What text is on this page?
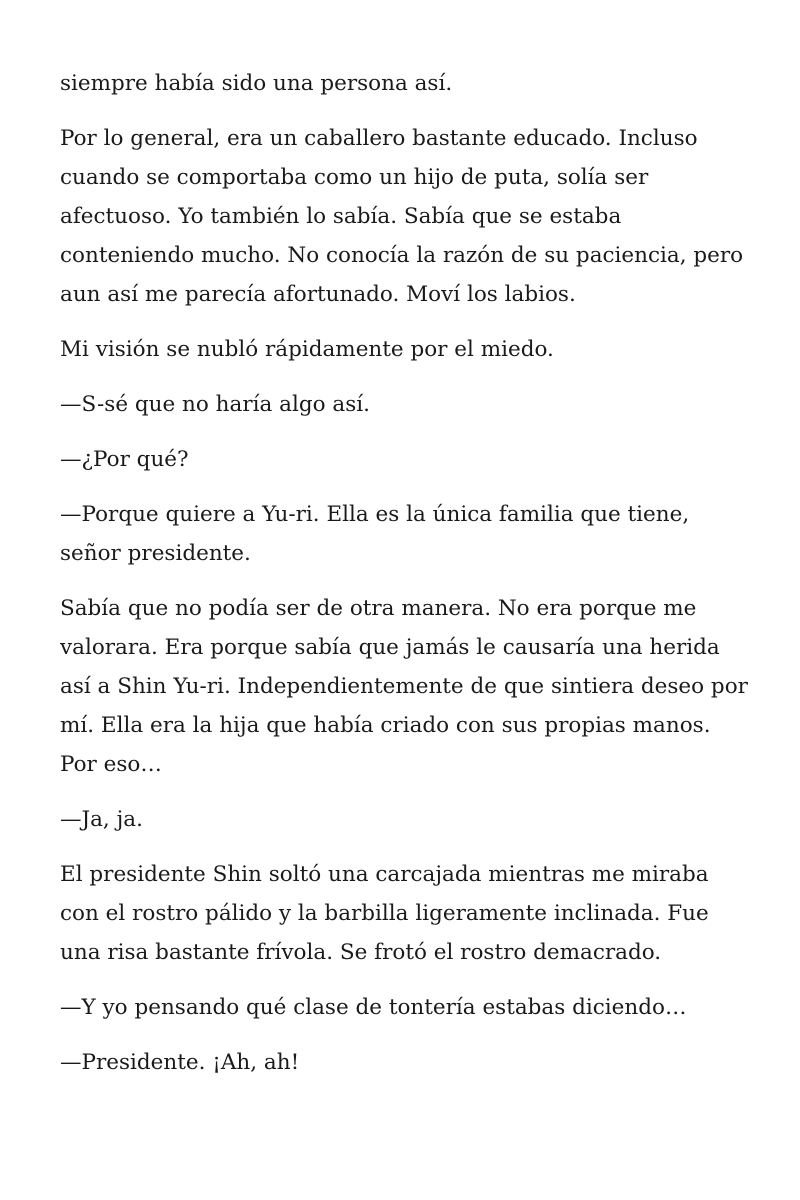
siempre había sido una persona así.

Por lo general, era un caballero bastante educado. Incluso cuando se comportaba como un hijo de puta, solía ser afectuoso. Yo también lo sabía. Sabía que se estaba conteniendo mucho. No conocía la razón de su paciencia, pero aun así me parecía afortunado. Moví los labios.

Mi visión se nubló rápidamente por el miedo.

—S-sé que no haría algo así.

—¿Por qué?

—Porque quiere a Yu-ri. Ella es la única familia que tiene, señor presidente.

Sabía que no podía ser de otra manera. No era porque me valorara. Era porque sabía que jamás le causaría una herida así a Shin Yu-ri. Independientemente de que sintiera deseo por mí. Ella era la hija que había criado con sus propias manos. Por eso…

—Ja, ja.

El presidente Shin soltó una carcajada mientras me miraba con el rostro pálido y la barbilla ligeramente inclinada. Fue una risa bastante frívola. Se frotó el rostro demacrado.

—Y yo pensando qué clase de tontería estabas diciendo…

—Presidente. ¡Ah, ah!
